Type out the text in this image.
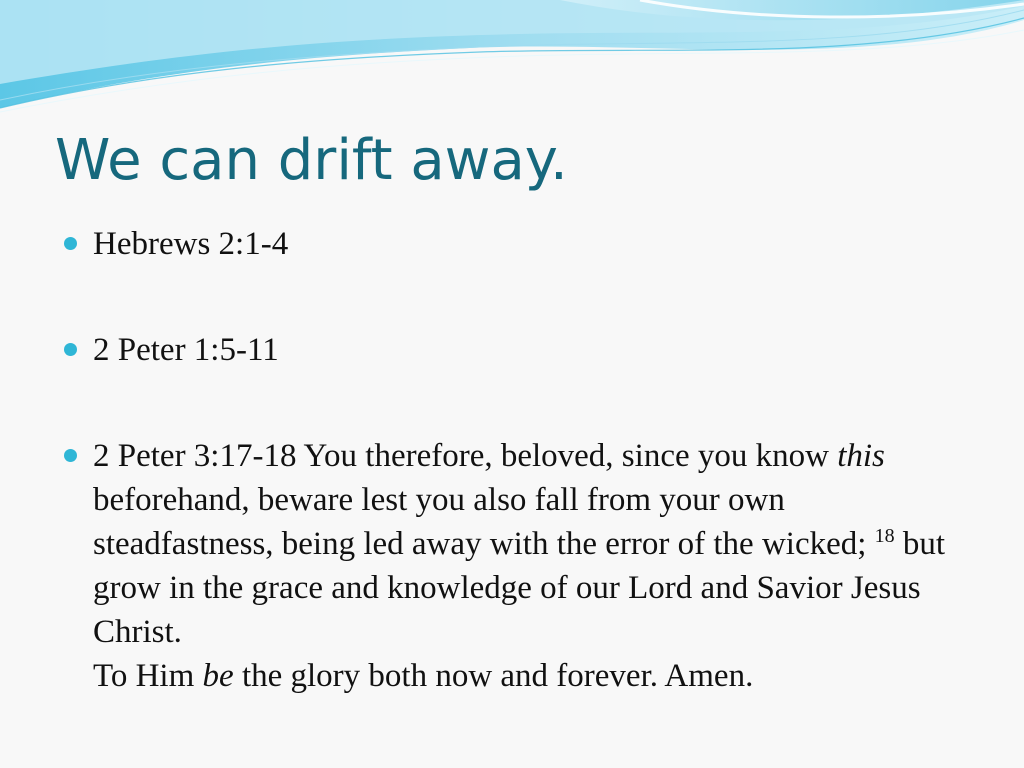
We can drift away.
Hebrews 2:1-4
2 Peter 1:5-11
2 Peter 3:17-18 You therefore, beloved, since you know this beforehand, beware lest you also fall from your own steadfastness, being led away with the error of the wicked; $^{18}$ but grow in the grace and knowledge of our Lord and Savior Jesus Christ.
To Him be the glory both now and forever. Amen.
